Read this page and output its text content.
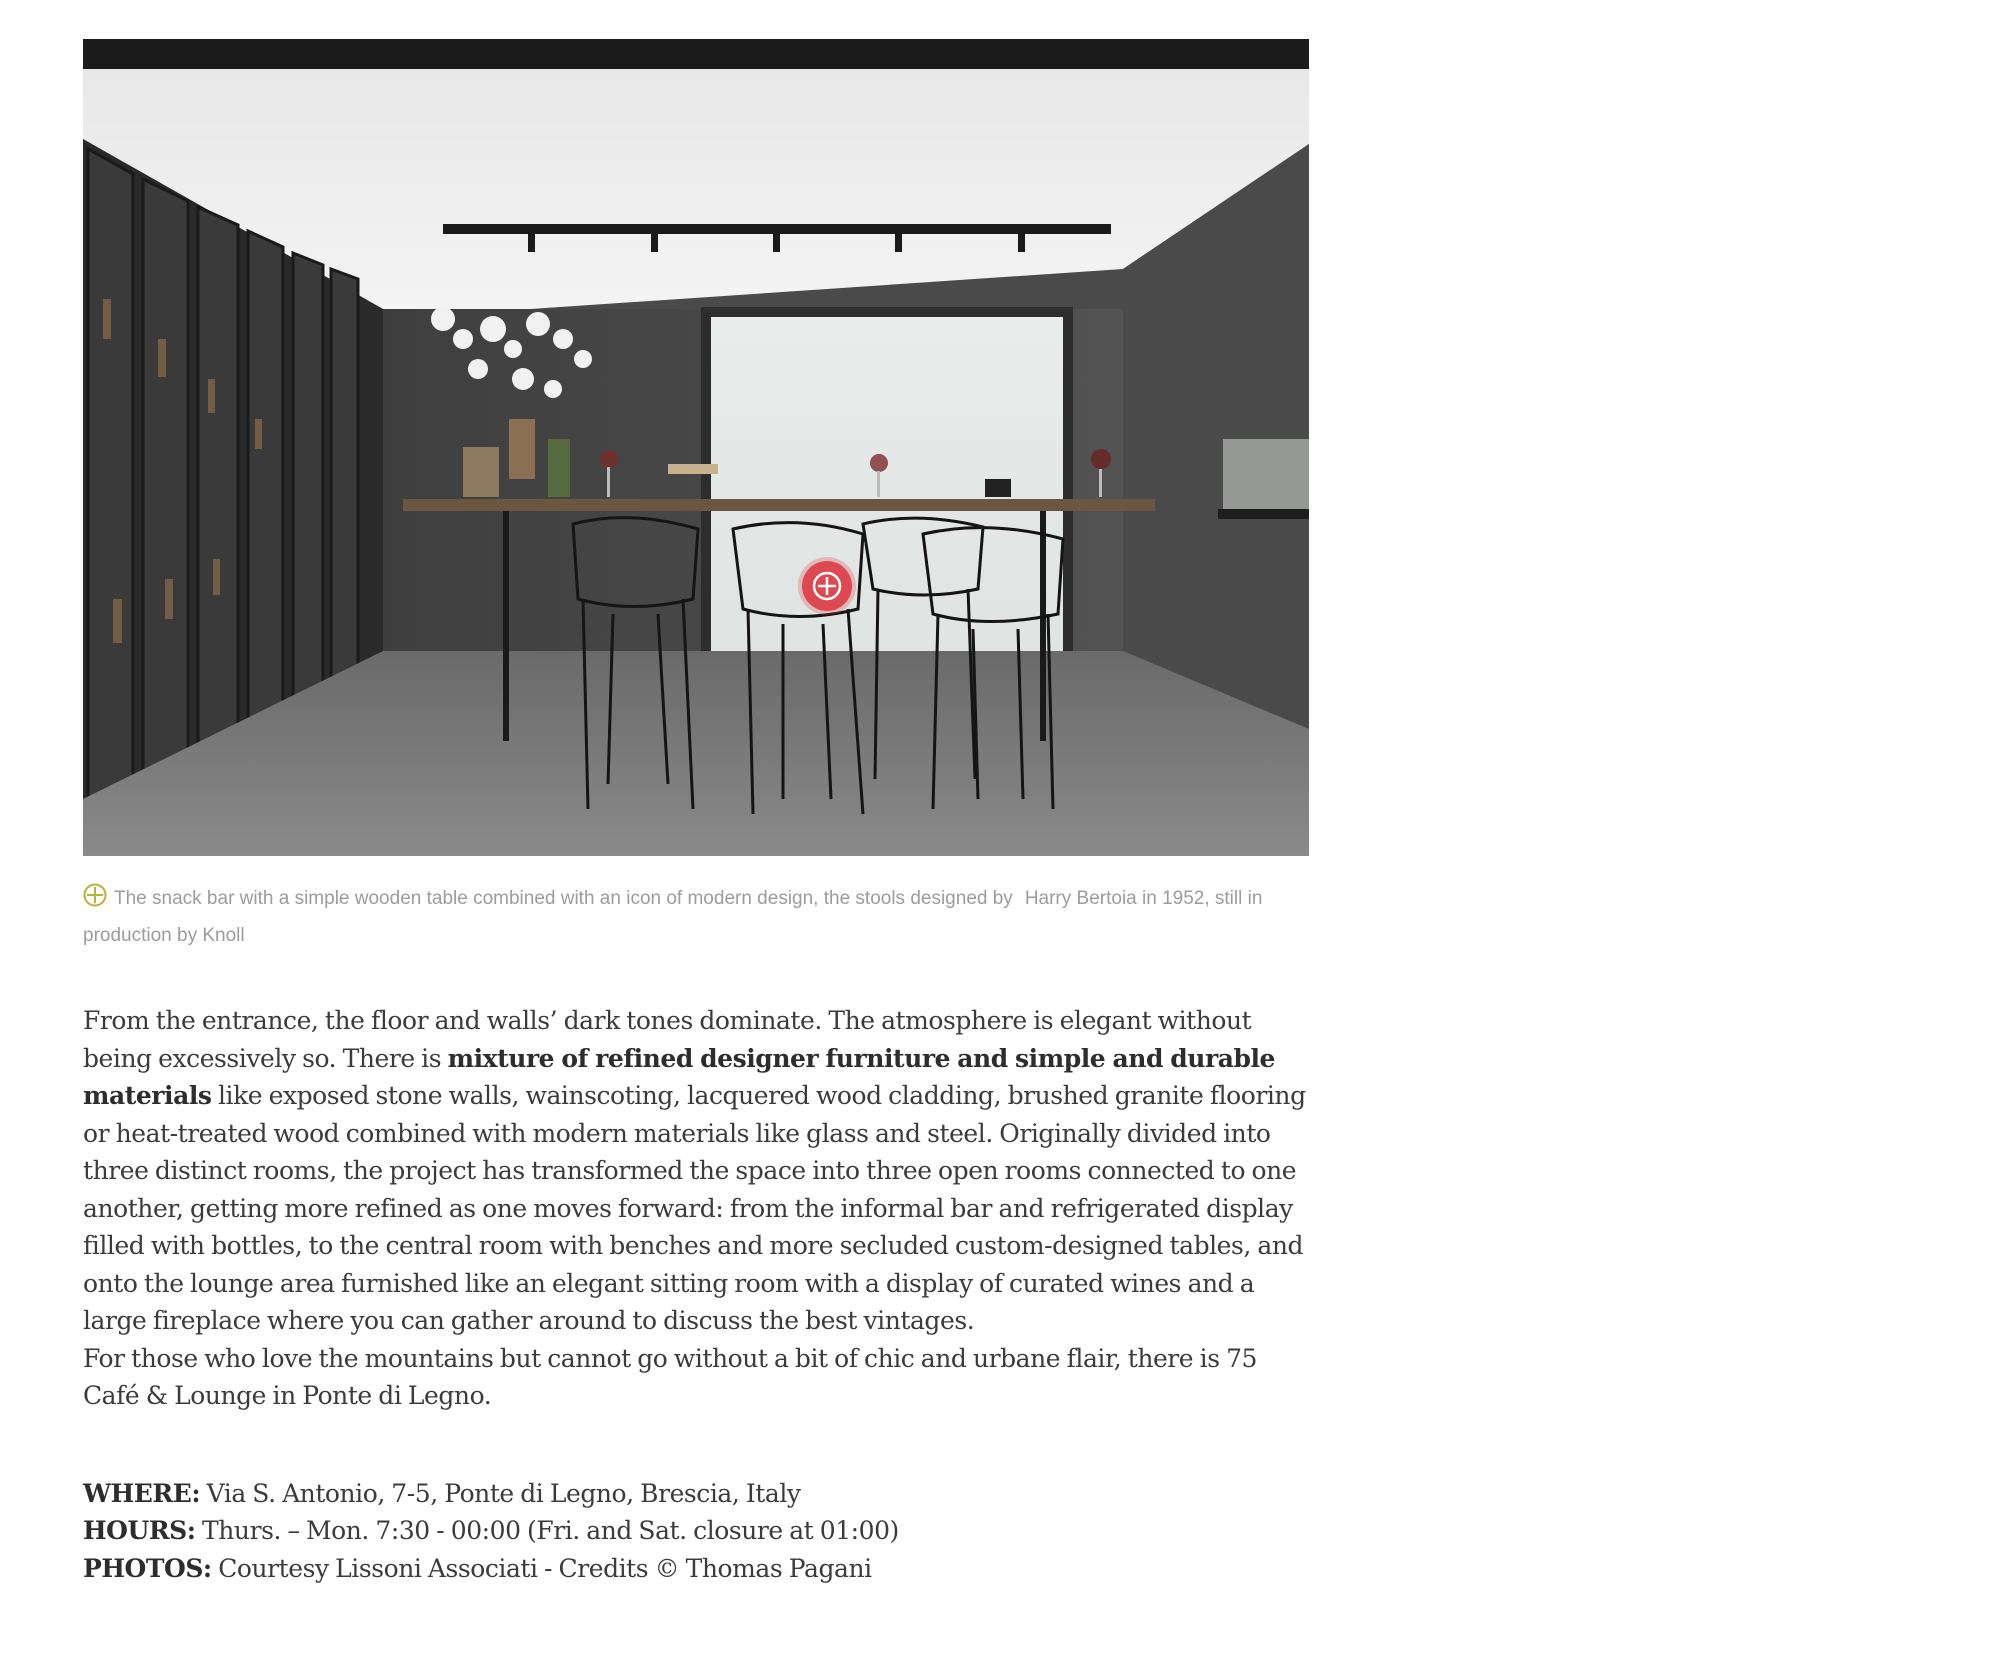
The snack bar with a simple wooden table combined with an icon of modern design, the stools designed by Harry Bertoia in 1952, still in production by Knoll

From the entrance, the floor and walls’ dark tones dominate. The atmosphere is elegant without being excessively so. There is mixture of refined designer furniture and simple and durable materials like exposed stone walls, wainscoting, lacquered wood cladding, brushed granite flooring or heat-treated wood combined with modern materials like glass and steel. Originally divided into three distinct rooms, the project has transformed the space into three open rooms connected to one another, getting more refined as one moves forward: from the informal bar and refrigerated display filled with bottles, to the central room with benches and more secluded custom-designed tables, and onto the lounge area furnished like an elegant sitting room with a display of curated wines and a large fireplace where you can gather around to discuss the best vintages.

For those who love the mountains but cannot go without a bit of chic and urbane flair, there is 75 Café & Lounge in Ponte di Legno.

WHERE: Via S. Antonio, 7-5, Ponte di Legno, Brescia, Italy

HOURS: Thurs. – Mon. 7:30 - 00:00 (Fri. and Sat. closure at 01:00)

PHOTOS: Courtesy Lissoni Associati - Credits © Thomas Pagani
